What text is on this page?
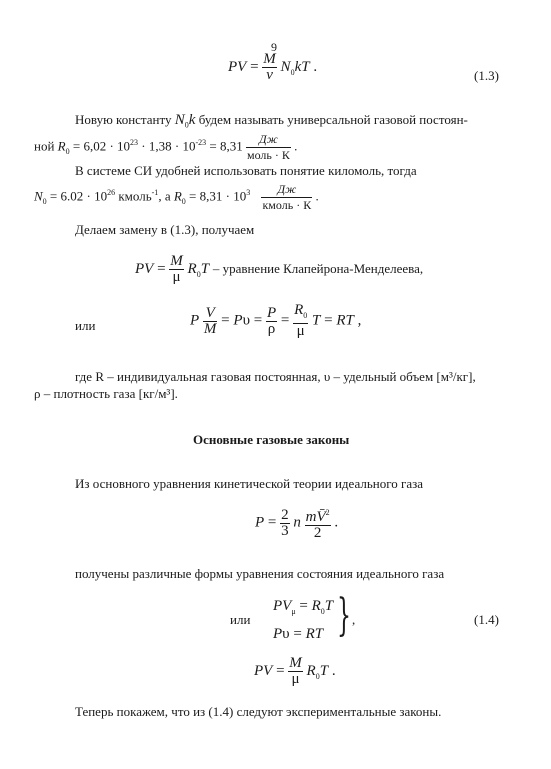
9
PV = $\frac{M}{\nu} N_0kT$ .
(1.3)
Новую константу $N_0k$ будем называть универсальной газовой постоян-
ной $R_0 = 6,02 \cdot 10^{23} \cdot 1,38 \cdot 10^{-23} = 8,31 \frac{Дж}{\text{моль · К}}$ .
В системе СИ удобней использовать понятие киломоль, тогда
$N_0 = 6.02 \cdot 10^{26}$ кмоль$^{-1}$, а $R_0 = 8,31 \cdot 10^3 \frac{Дж}{\text{кмоль · К}}$ .
Делаем замену в (1.3), получаем
PV = $\frac{M}{\mu} R_0T$ – уравнение Клапейрона-Менделеева,
или	P $\frac{V}{M} = P\upsilon = \frac{P}{\rho} = \frac{R_0}{\mu}$ T = RT ,
где R – индивидуальная газовая постоянная, υ – удельный объем [м³/кг],
ρ – плотность газа [кг/м³].
Основные газовые законы
Из основного уравнения кинетической теории идеального газа
$P = \frac{2}{3}$ n $\frac{mV̄^2}{2}$ .
получены различные формы уравнения состояния идеального газа
или
$PV_\mu = R_0T$
Pυ = RT } ,	(1.4)
PV = $\frac{M}{\mu} R_0T$ .
Теперь покажем, что из (1.4) следуют экспериментальные законы.
